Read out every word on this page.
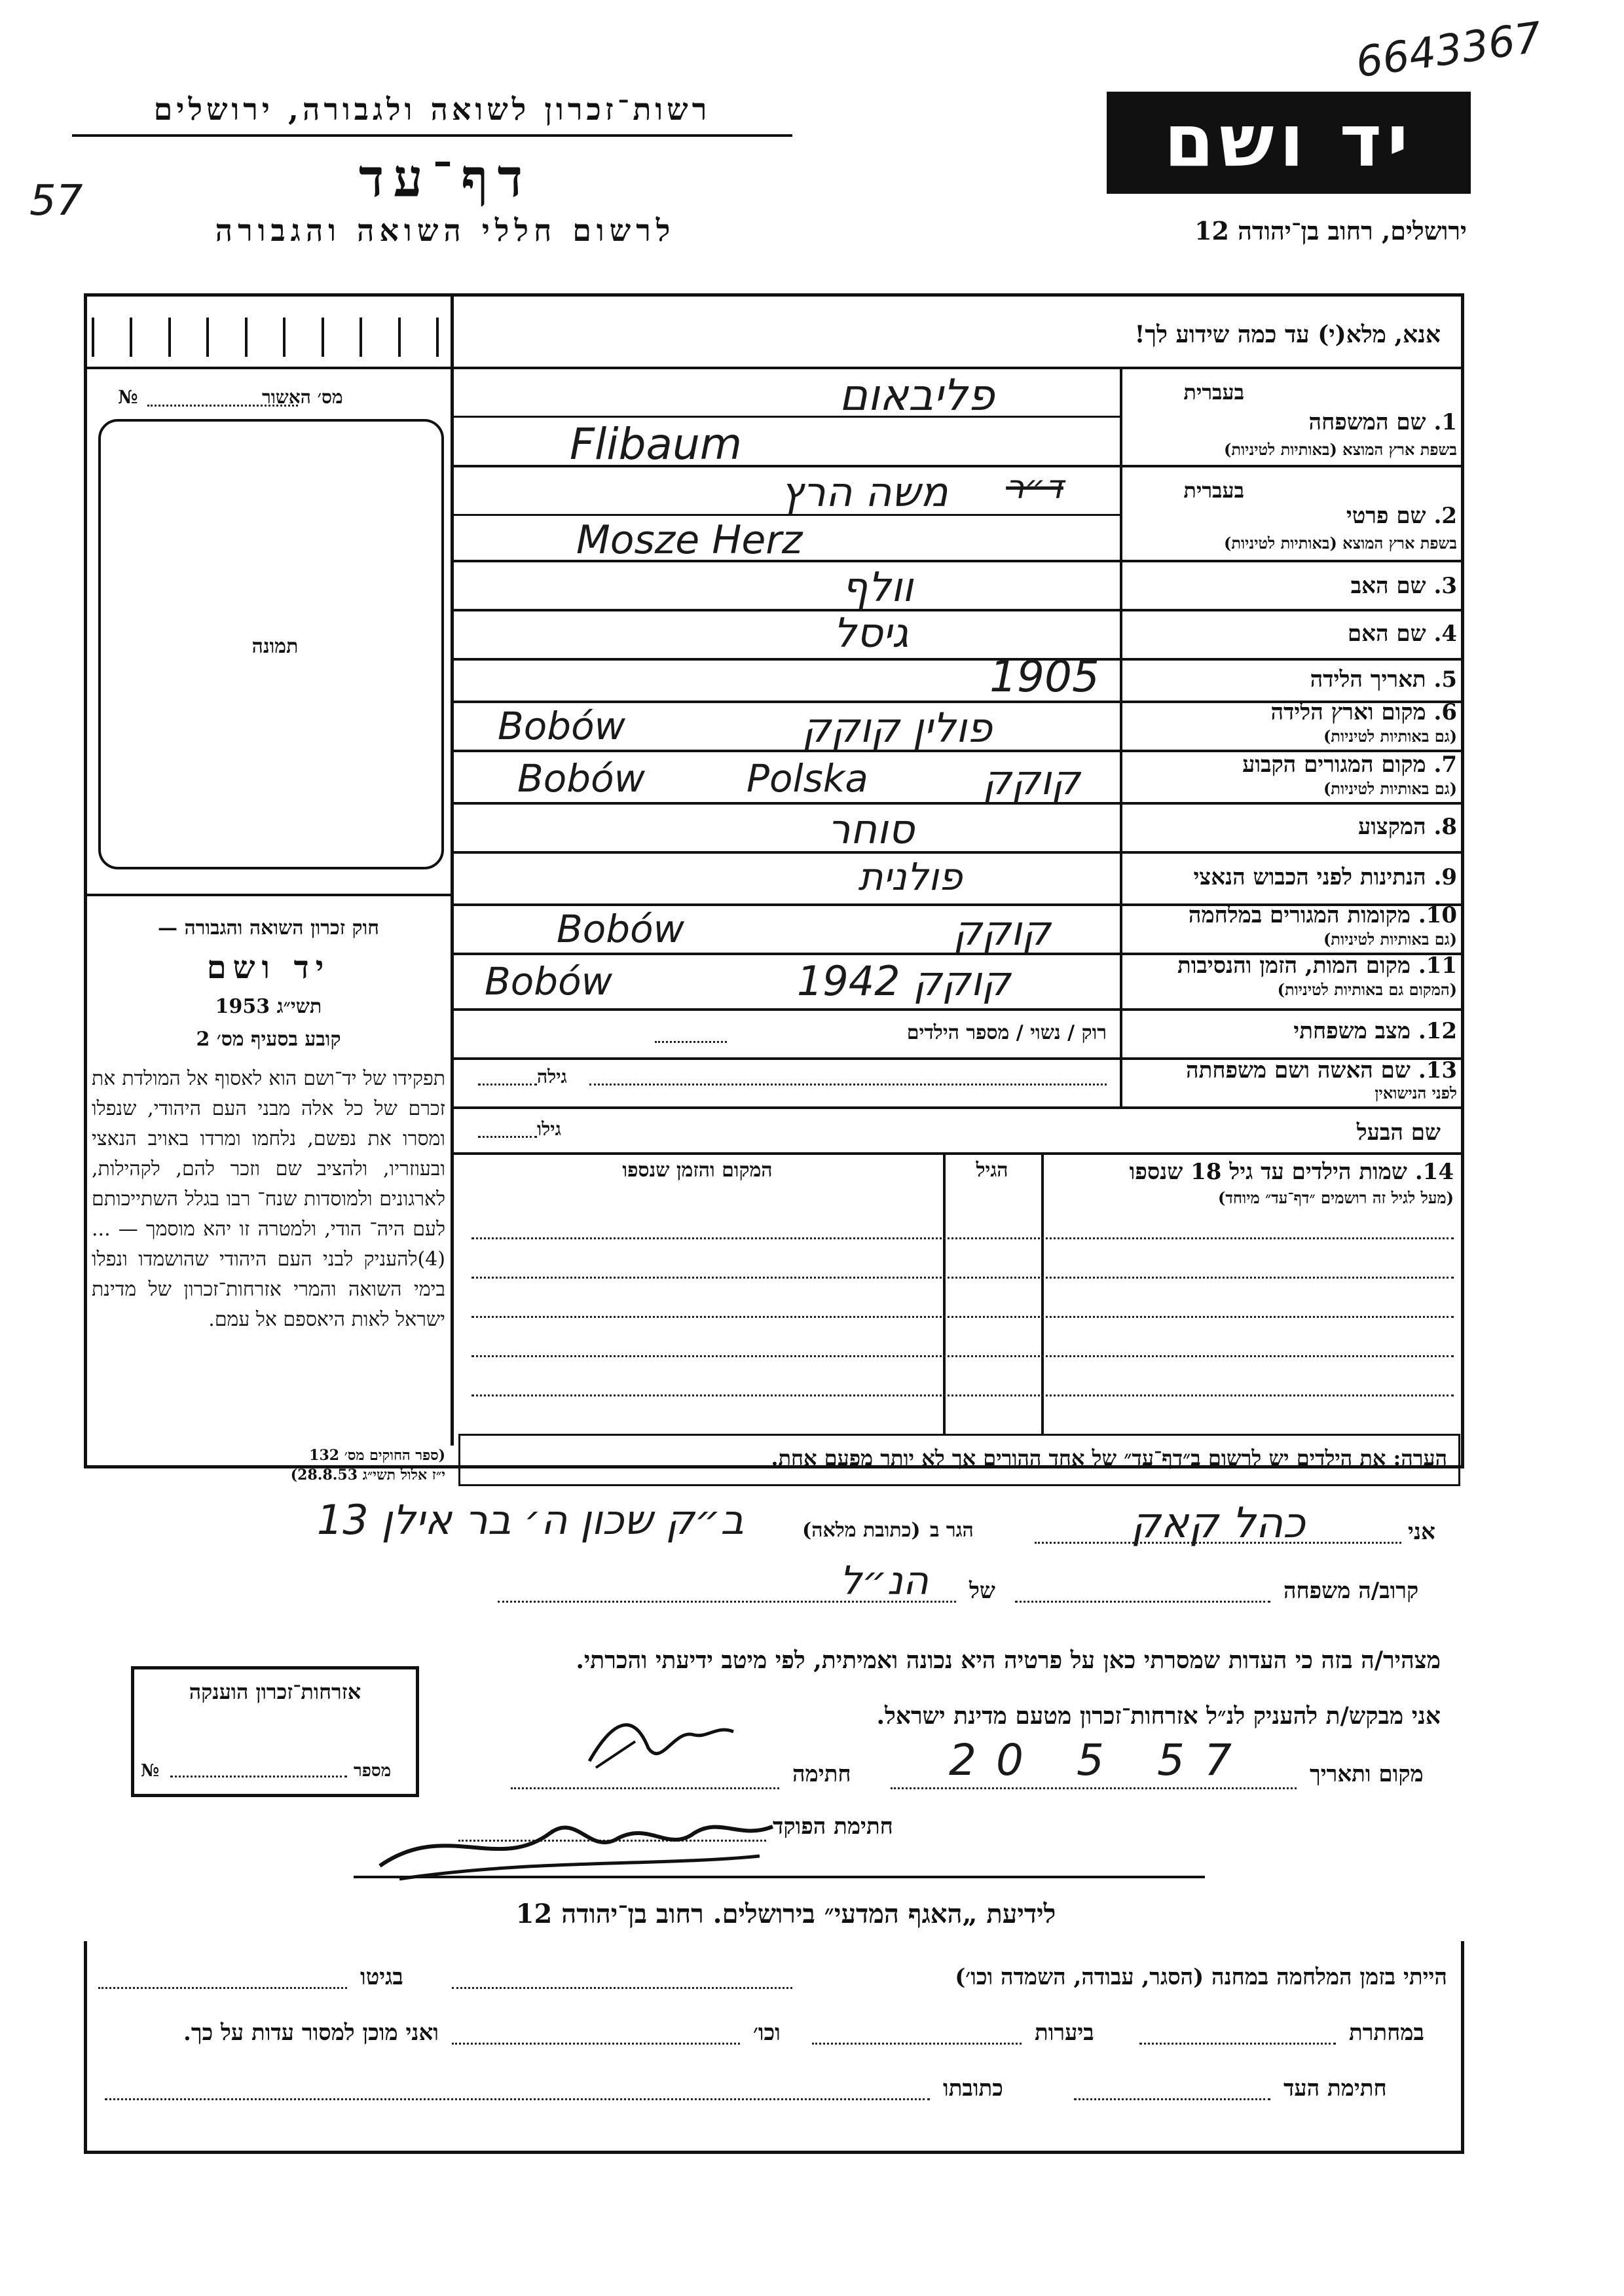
6643367
57
רשות־זכרון לשואה ולגבורה, ירושלים
דף־עד
לרשום חללי השואה והגבורה
יד ושם
ירושלים, רחוב בן־יהודה 12
אנא, מלא(י) עד כמה שידוע לך!
מס׳ האשור
№
תמונה
חוק זכרון השואה והגבורה —
יד ושם
תשי״ג 1953
קובע בסעיף מס׳ 2
תפקידו של יד־ושם הוא לאסוף אל המולדת את זכרם של כל אלה מבני העם היהודי, שנפלו ומסרו את נפשם, נלחמו ומרדו באויב הנאצי ובעוזריו, ולהציב שם וזכר להם, לקהילות, לארגונים ולמוסדות שנח־ רבו בגלל השתייכותם לעם היה־ הודי, ולמטרה זו יהא מוסמך — ...(4)להעניק לבני העם היהודי שהושמדו ונפלו בימי השואה והמרי אזרחות־זכרון של מדינת ישראל לאות היאספם אל עמם.
(ספר החוקים מס׳ 132
י״ז אלול תשי״ג 28.8.53)
בעברית
1. שם המשפחה
בשפת ארץ המוצא (באותיות לטיניות)
פליבאום
Flibaum
בעברית
2. שם פרטי
בשפת ארץ המוצא (באותיות לטיניות)
ד״ר
משה הרץ
Mosze Herz
3. שם האב
וולף
4. שם האם
גיסל
5. תאריך הלידה
1905
6. מקום וארץ הלידה
(גם באותיות לטיניות)
Bobów	פולין קוקק
7. מקום המגורים הקבוע
(גם באותיות לטיניות)
Bobów	Polska	קוקק
8. המקצוע
סוחר
9. הנתינות לפני הכבוש הנאצי
פולנית
10. מקומות המגורים במלחמה
(גם באותיות לטיניות)
Bobów	קוקק
11. מקום המות, הזמן והנסיבות
(המקום גם באותיות לטיניות)
Bobów	קוקק 1942
12. מצב משפחתי
רוק / נשוי / מספר הילדים
13. שם האשה ושם משפחתה
לפני הנישואין
גילה
שם הבעל
גילו
14. שמות הילדים עד גיל 18 שנספו
(מעל לגיל זה רושמים ״דף־עד״ מיוחד)
הגיל
המקום והזמן שנספו
הערה: את הילדים יש לרשום ב״דף־עד״ של אחד ההורים אך לא יותר מפעם אחת.
אני
כהל קאק
הגר ב
(כתובת מלאה)
ב״ק שכון ה׳ בר אילן 13
קרוב/ה משפחה
של
הנ״ל
מצהיר/ה בזה כי העדות שמסרתי כאן על פרטיה היא נכונה ואמיתית, לפי מיטב ידיעתי והכרתי.
אני מבקש/ת להעניק לנ״ל אזרחות־זכרון מטעם מדינת ישראל.
מקום ותאריך
20 5 57
חתימה
חתימת הפוקד
אזרחות־זכרון הוענקה
מספר
№
לידיעת „האגף המדעי״ בירושלים. רחוב בן־יהודה 12
הייתי בזמן המלחמה במחנה (הסגר, עבודה, השמדה וכו׳)
בגיטו
במחתרת
ביערות
וכו׳
ואני מוכן למסור עדות על כך.
חתימת העד
כתובתו
